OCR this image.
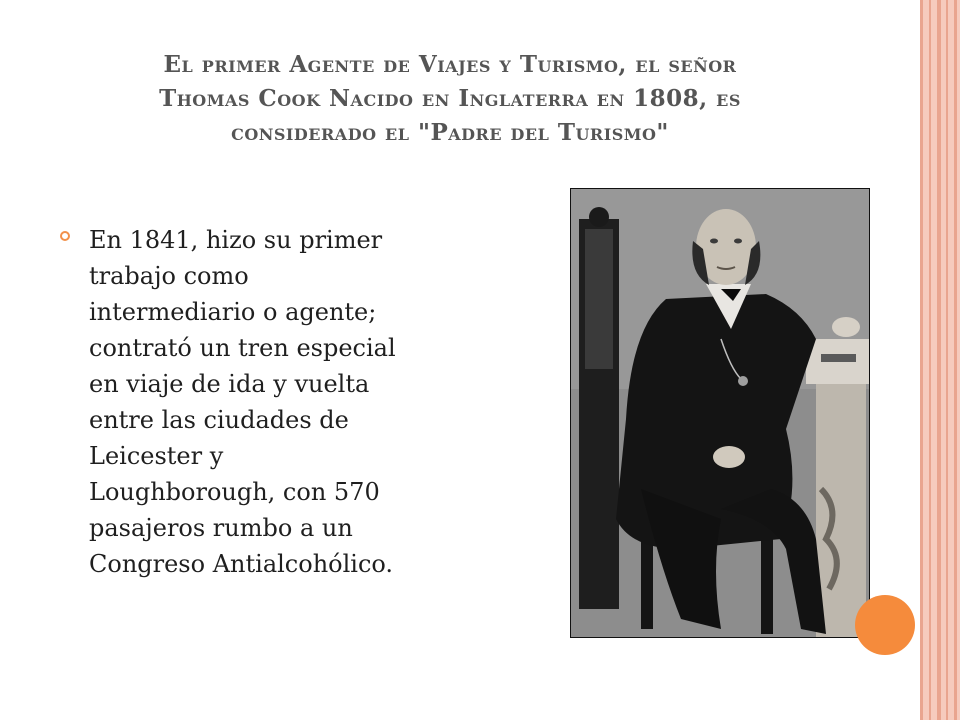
El primer Agente de Viajes y Turismo, el señor
Thomas Cook Nacido en Inglaterra en 1808, es
considerado el "Padre del Turismo"
En 1841, hizo su primer
trabajo como
intermediario o agente;
contrató un tren especial
en viaje de ida y vuelta
entre las ciudades de
Leicester y
Loughborough, con 570
pasajeros rumbo a un
Congreso Antialcohólico.
